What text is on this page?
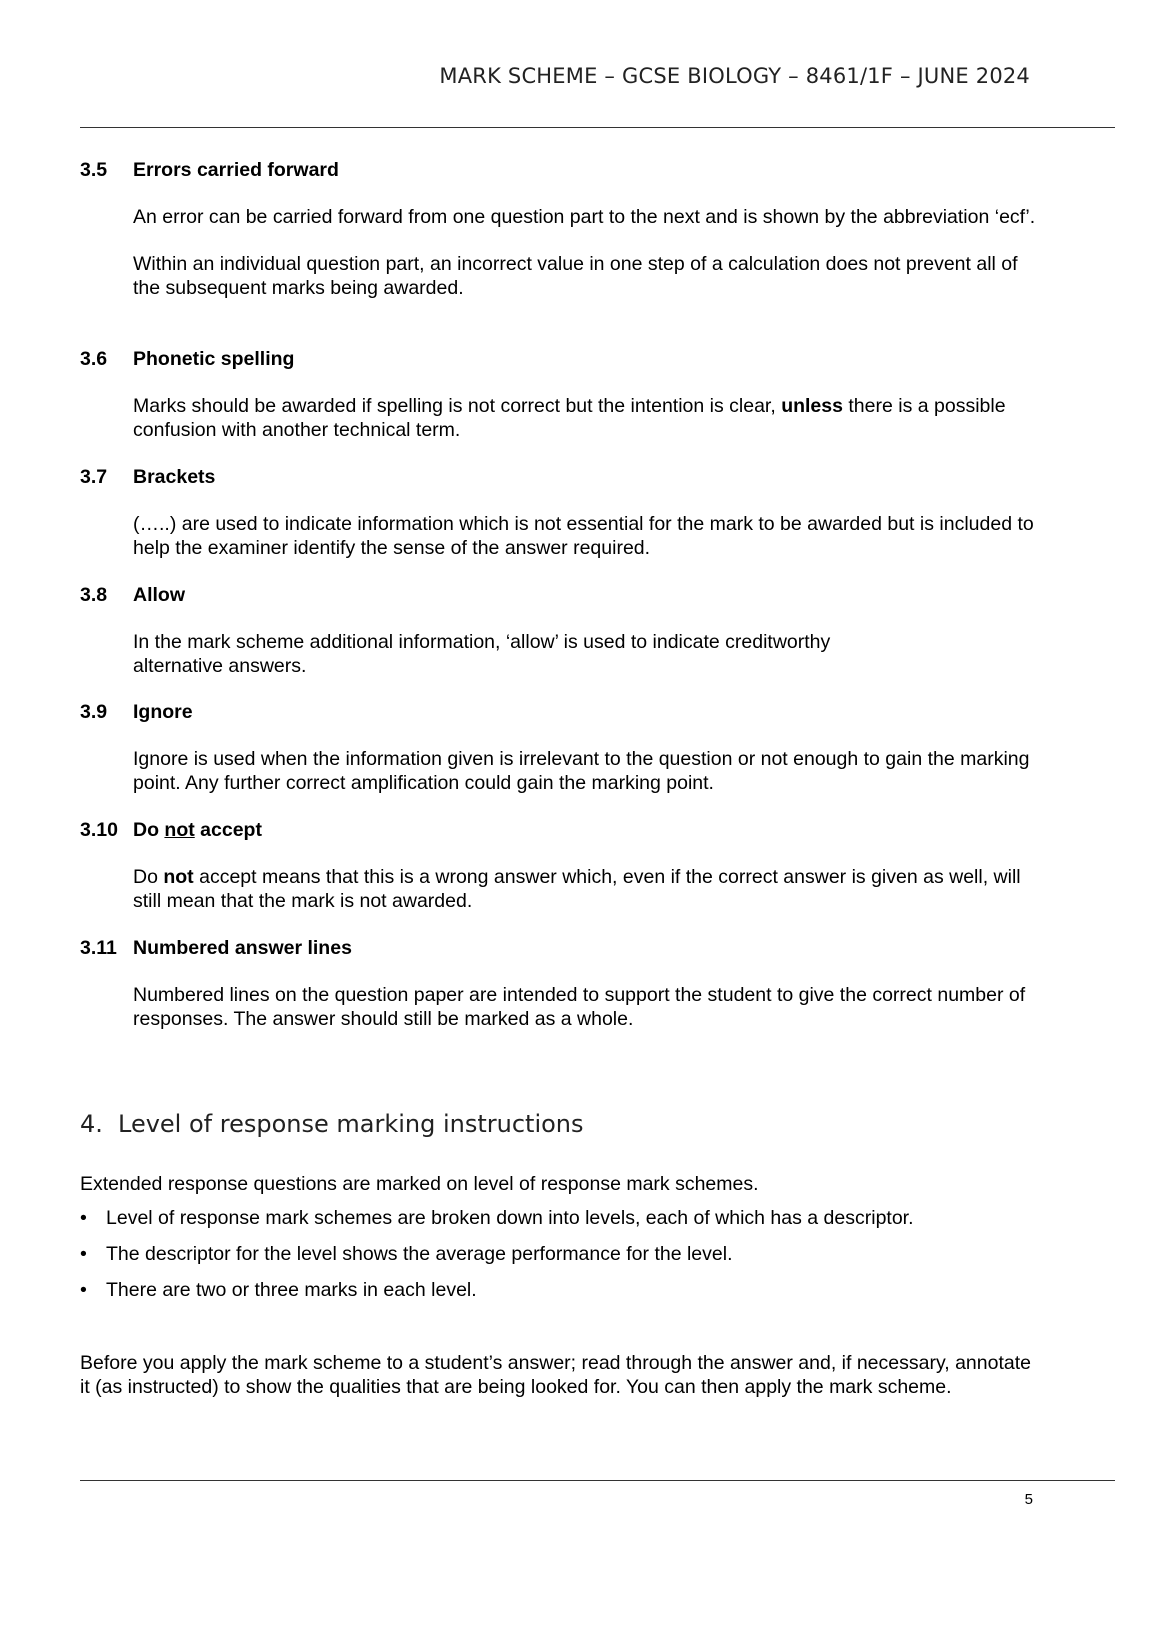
MARK SCHEME – GCSE BIOLOGY – 8461/1F – JUNE 2024
3.5 Errors carried forward

An error can be carried forward from one question part to the next and is shown by the abbreviation ‘ecf’.

Within an individual question part, an incorrect value in one step of a calculation does not prevent all of the subsequent marks being awarded.

3.6 Phonetic spelling

Marks should be awarded if spelling is not correct but the intention is clear, unless there is a possible confusion with another technical term.

3.7 Brackets

(…..) are used to indicate information which is not essential for the mark to be awarded but is included to help the examiner identify the sense of the answer required.

3.8 Allow

In the mark scheme additional information, ‘allow’ is used to indicate creditworthy
alternative answers.

3.9 Ignore

Ignore is used when the information given is irrelevant to the question or not enough to gain the marking point. Any further correct amplification could gain the marking point.

3.10 Do not accept

Do not accept means that this is a wrong answer which, even if the correct answer is given as well, will still mean that the mark is not awarded.

3.11 Numbered answer lines

Numbered lines on the question paper are intended to support the student to give the correct number of responses. The answer should still be marked as a whole.

4. Level of response marking instructions

Extended response questions are marked on level of response mark schemes.

• Level of response mark schemes are broken down into levels, each of which has a descriptor.
• The descriptor for the level shows the average performance for the level.
• There are two or three marks in each level.

Before you apply the mark scheme to a student’s answer; read through the answer and, if necessary, annotate it (as instructed) to show the qualities that are being looked for. You can then apply the mark scheme.

5
